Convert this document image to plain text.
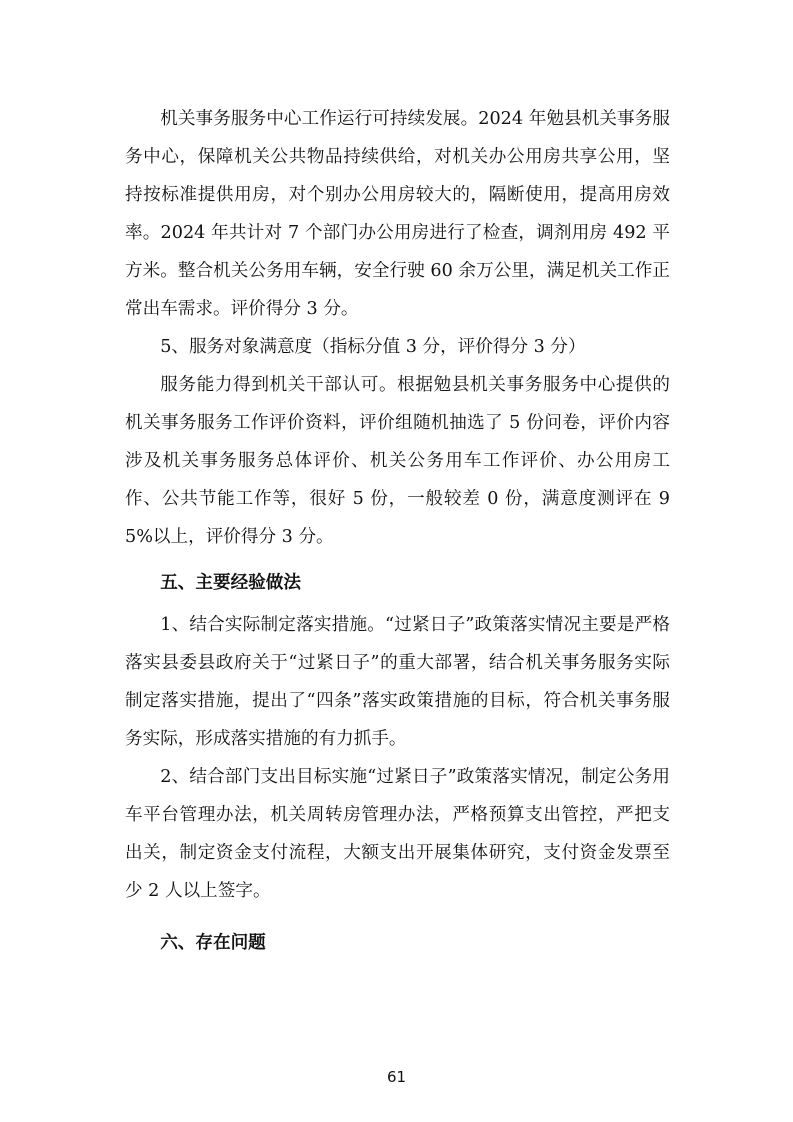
机关事务服务中心工作运行可持续发展。2024 年勉县机关事务服务中心，保障机关公共物品持续供给，对机关办公用房共享公用，坚持按标准提供用房，对个别办公用房较大的，隔断使用，提高用房效率。2024 年共计对 7 个部门办公用房进行了检查，调剂用房 492 平方米。整合机关公务用车辆，安全行驶 60 余万公里，满足机关工作正常出车需求。评价得分 3 分。

5、服务对象满意度（指标分值 3 分，评价得分 3 分）

服务能力得到机关干部认可。根据勉县机关事务服务中心提供的机关事务服务工作评价资料，评价组随机抽选了 5 份问卷，评价内容涉及机关事务服务总体评价、机关公务用车工作评价、办公用房工作、公共节能工作等，很好 5 份，一般较差 0 份，满意度测评在 95%以上，评价得分 3 分。

五、主要经验做法

1、结合实际制定落实措施。“过紧日子”政策落实情况主要是严格落实县委县政府关于“过紧日子”的重大部署，结合机关事务服务实际制定落实措施，提出了“四条”落实政策措施的目标，符合机关事务服务实际，形成落实措施的有力抓手。

2、结合部门支出目标实施“过紧日子”政策落实情况，制定公务用车平台管理办法，机关周转房管理办法，严格预算支出管控，严把支出关，制定资金支付流程，大额支出开展集体研究，支付资金发票至少 2 人以上签字。

六、存在问题

61
